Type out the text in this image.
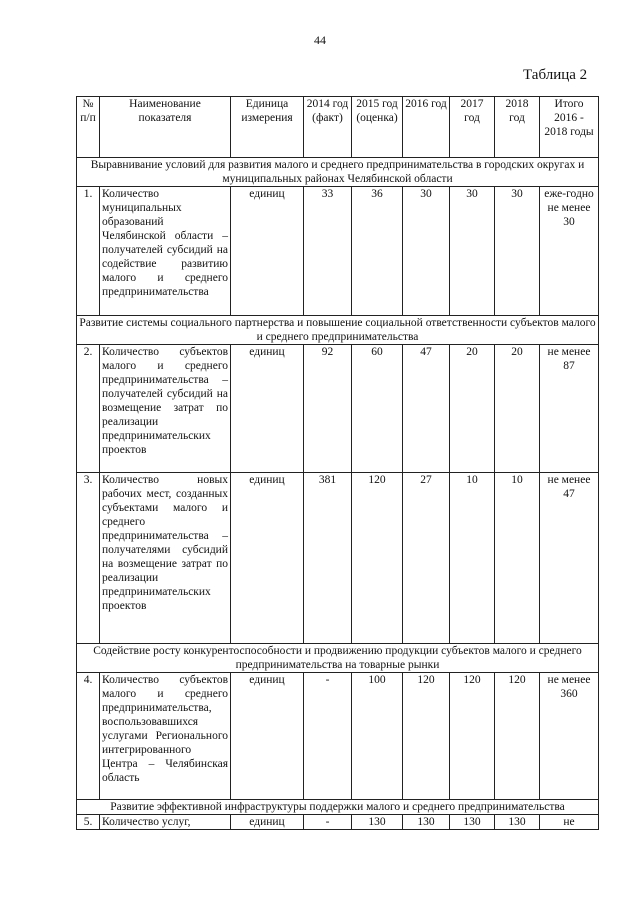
44
Таблица 2
№ п/п	Наименование показателя	Единица измерения	2014 год (факт)	2015 год (оценка)	2016 год	2017 год	2018 год	Итого 2016 - 2018 годы
Выравнивание условий для развития малого и среднего предпринимательства в городских округах и муниципальных районах Челябинской области								
1.	Количество муниципальных образований Челябинской области – получателей субсидий на содействие развитию малого и среднего предпринимательства	единиц	33	36	30	30	30	еже-годно не менее 30
Развитие системы социального партнерства и повышение социальной ответственности субъектов малого и среднего предпринимательства								
2.	Количество субъектов малого и среднего предпринимательства – получателей субсидий на возмещение затрат по реализации предпринимательских проектов	единиц	92	60	47	20	20	не менее 87
3.	Количество новых рабочих мест, созданных субъектами малого и среднего предпринимательства – получателями субсидий на возмещение затрат по реализации предпринимательских проектов	единиц	381	120	27	10	10	не менее 47
Содействие росту конкурентоспособности и продвижению продукции субъектов малого и среднего предпринимательства на товарные рынки								
4.	Количество субъектов малого и среднего предпринимательства, воспользовавшихся услугами Регионального интегрированного Центра – Челябинская область	единиц	-	100	120	120	120	не менее 360
Развитие эффективной инфраструктуры поддержки малого и среднего предпринимательства								
5.	Количество услуг,	единиц	-	130	130	130	130	не
